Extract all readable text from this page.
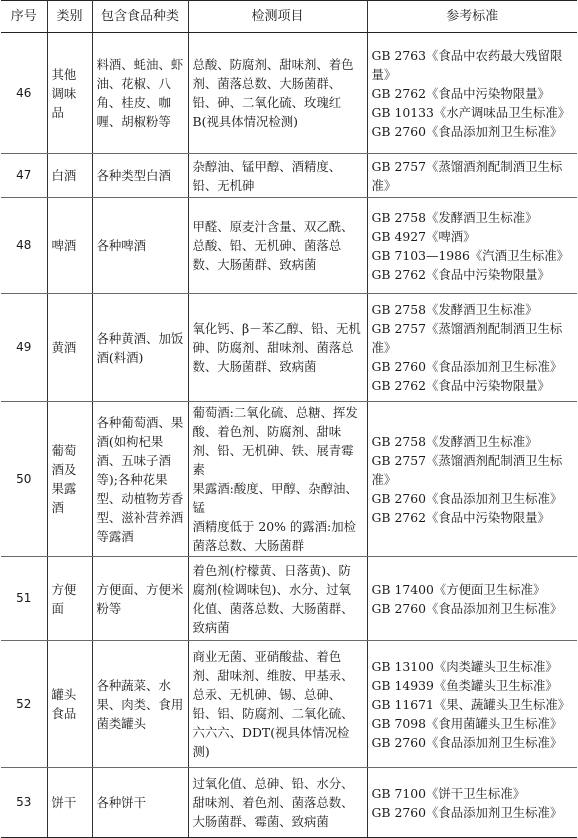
序号	类别	包含食品种类	检测项目	参考标准
46	其他调味品	料酒、蚝油、虾油、花椒、八角、桂皮、咖喱、胡椒粉等	总酸、防腐剂、甜味剂、着色剂、菌落总数、大肠菌群、铅、砷、二氧化硫、玫瑰红 B(视具体情况检测)	GB 2763《食品中农药最大残留限量》
GB 2762《食品中污染物限量》
GB 10133《水产调味品卫生标准》
GB 2760《食品添加剂卫生标准》

47	白酒	各种类型白酒	杂醇油、锰甲醇、酒精度、铅、无机砷	GB 2757《蒸馏酒剂配制酒卫生标准》

48	啤酒	各种啤酒	甲醛、原麦汁含量、双乙酰、总酸、铅、无机砷、菌落总数、大肠菌群、致病菌	GB 2758《发酵酒卫生标准》
GB 4927《啤酒》
GB 7103—1986《汽酒卫生标准》
GB 2762《食品中污染物限量》

49	黄酒	各种黄酒、加饭酒(料酒)	氧化钙、β－苯乙醇、铅、无机砷、防腐剂、甜味剂、菌落总数、大肠菌群、致病菌	GB 2758《发酵酒卫生标准》
GB 2757《蒸馏酒剂配制酒卫生标准》
GB 2760《食品添加剂卫生标准》
GB 2762《食品中污染物限量》

50	葡萄酒及果露酒	各种葡萄酒、果酒(如枸杞果酒、五味子酒等);各种花果型、动植物芳香型、滋补营养酒等露酒	葡萄酒:二氧化硫、总糖、挥发酸、着色剂、防腐剂、甜味剂、铅、无机砷、铁、展青霉素
果露酒:酸度、甲醇、杂醇油、锰
酒精度低于 20% 的露酒:加检菌落总数、大肠菌群	GB 2758《发酵酒卫生标准》
GB 2757《蒸馏酒剂配制酒卫生标准》
GB 2760《食品添加剂卫生标准》
GB 2762《食品中污染物限量》

51	方便面	方便面、方便米粉等	着色剂(柠檬黄、日落黄)、防腐剂(检调味包)、水分、过氧化值、菌落总数、大肠菌群、致病菌	GB 17400《方便面卫生标准》
GB 2760《食品添加剂卫生标准》

52	罐头食品	各种蔬菜、水果、肉类、食用菌类罐头	商业无菌、亚硝酸盐、着色剂、甜味剂、维胺、甲基汞、总汞、无机砷、锡、总砷、铅、铝、防腐剂、二氧化硫、六六六、DDT(视具体情况检测)	GB 13100《肉类罐头卫生标准》
GB 14939《鱼类罐头卫生标准》
GB 11671《果、蔬罐头卫生标准》
GB 7098《食用菌罐头卫生标准》
GB 2760《食品添加剂卫生标准》

53	饼干	各种饼干	过氧化值、总砷、铅、水分、甜味剂、着色剂、菌落总数、大肠菌群、霉菌、致病菌	GB 7100《饼干卫生标准》
GB 2760《食品添加剂卫生标准》
